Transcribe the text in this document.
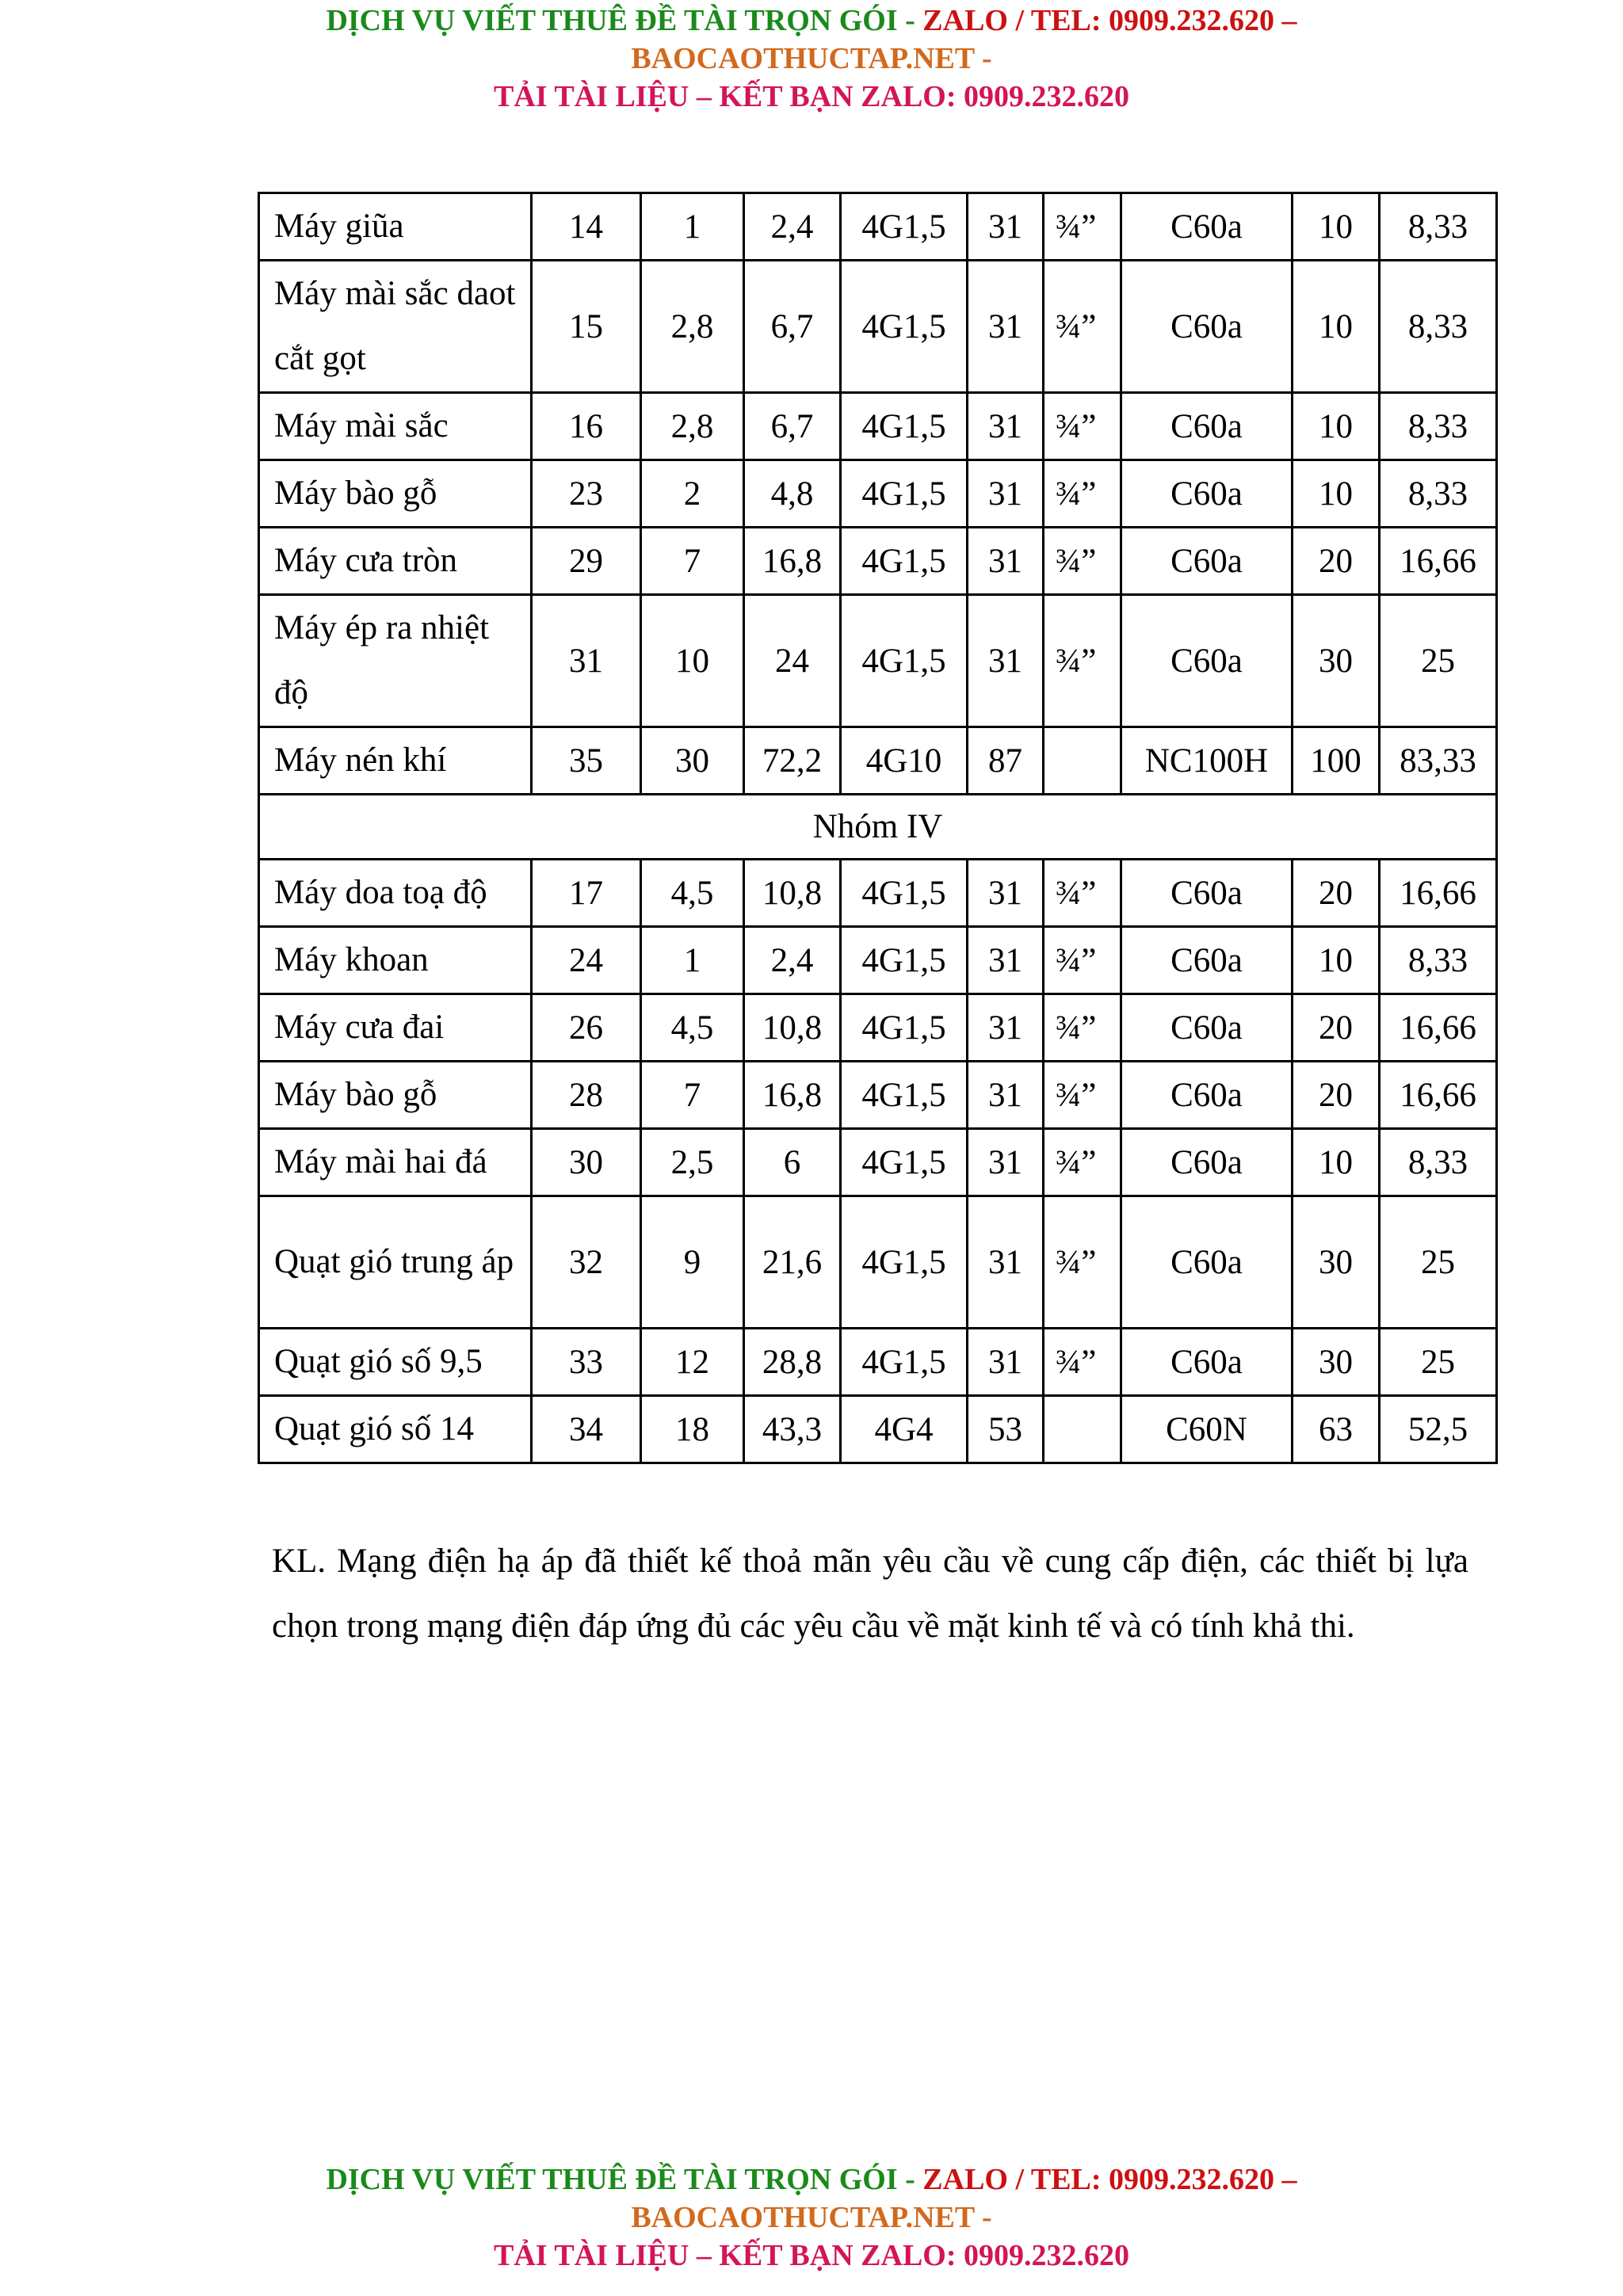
DỊCH VỤ VIẾT THUÊ ĐỀ TÀI TRỌN GÓI - ZALO / TEL: 0909.232.620 –
BAOCAOTHUCTAP.NET -
TẢI TÀI LIỆU – KẾT BẠN ZALO: 0909.232.620
Máy giũa	14	1	2,4	4G1,5	31	¾”	C60a	10	8,33
Máy mài sắc daot cắt gọt	15	2,8	6,7	4G1,5	31	¾”	C60a	10	8,33
Máy mài sắc	16	2,8	6,7	4G1,5	31	¾”	C60a	10	8,33
Máy bào gỗ	23	2	4,8	4G1,5	31	¾”	C60a	10	8,33
Máy cưa tròn	29	7	16,8	4G1,5	31	¾”	C60a	20	16,66
Máy ép ra nhiệt độ	31	10	24	4G1,5	31	¾”	C60a	30	25
Máy nén khí	35	30	72,2	4G10	87		NC100H	100	83,33
Nhóm IV									
Máy doa toạ độ	17	4,5	10,8	4G1,5	31	¾”	C60a	20	16,66
Máy khoan	24	1	2,4	4G1,5	31	¾”	C60a	10	8,33
Máy cưa đai	26	4,5	10,8	4G1,5	31	¾”	C60a	20	16,66
Máy bào gỗ	28	7	16,8	4G1,5	31	¾”	C60a	20	16,66
Máy mài hai đá	30	2,5	6	4G1,5	31	¾”	C60a	10	8,33
Quạt gió trung áp	32	9	21,6	4G1,5	31	¾”	C60a	30	25
Quạt gió số 9,5	33	12	28,8	4G1,5	31	¾”	C60a	30	25
Quạt gió số 14	34	18	43,3	4G4	53		C60N	63	52,5
KL. Mạng điện hạ áp đã thiết kế thoả mãn yêu cầu về cung cấp điện, các thiết bị lựa chọn trong mạng điện đáp ứng đủ các yêu cầu về mặt kinh tế và có tính khả thi.
DỊCH VỤ VIẾT THUÊ ĐỀ TÀI TRỌN GÓI - ZALO / TEL: 0909.232.620 –
BAOCAOTHUCTAP.NET -
TẢI TÀI LIỆU – KẾT BẠN ZALO: 0909.232.620
